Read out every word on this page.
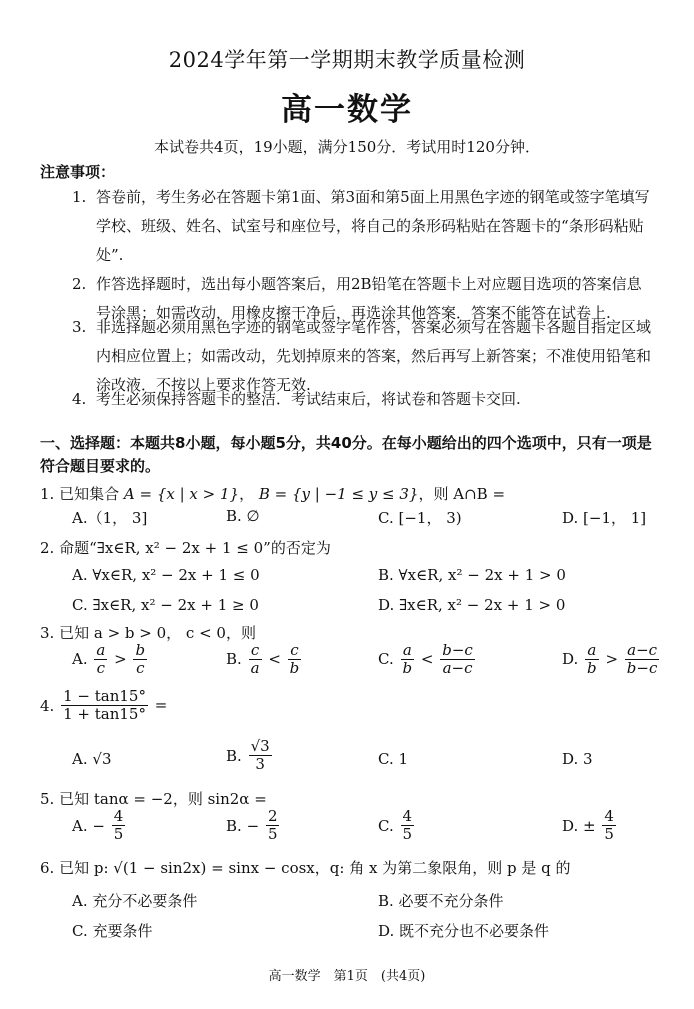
2024学年第一学期期末教学质量检测
高一数学
本试卷共4页，19小题，满分150分．考试用时120分钟．
注意事项：
1. 答卷前，考生务必在答题卡第1面、第3面和第5面上用黑色字迹的钢笔或签字笔填写学校、班级、姓名、试室号和座位号，将自己的条形码粘贴在答题卡的“条形码粘贴处”.
2. 作答选择题时，选出每小题答案后，用2B铅笔在答题卡上对应题目选项的答案信息号涂黑；如需改动，用橡皮擦干净后，再选涂其他答案．答案不能答在试卷上.
3. 非选择题必须用黑色字迹的钢笔或签字笔作答，答案必须写在答题卡各题目指定区域内相应位置上；如需改动，先划掉原来的答案，然后再写上新答案；不准使用铅笔和涂改液．不按以上要求作答无效.
4. 考生必须保持答题卡的整洁．考试结束后，将试卷和答题卡交回.
一、选择题：本题共8小题，每小题5分，共40分。在每小题给出的四个选项中，只有一项是符合题目要求的。
1. 已知集合 A = {x | x > 1}， B = {y | −1 ≤ y ≤ 3}，则 A∩B =
A.（1， 3]	B. ∅	C. [−1， 3)	D. [−1， 1]
2. 命题“∃x∈R, x² − 2x + 1 ≤ 0”的否定为
A. ∀x∈R, x² − 2x + 1 ≤ 0	B. ∀x∈R, x² − 2x + 1 > 0
C. ∃x∈R, x² − 2x + 1 ≥ 0	D. ∃x∈R, x² − 2x + 1 > 0
3. 已知 a > b > 0， c < 0，则
A. $\frac{a}{c} > \frac{b}{c}$	B. $\frac{c}{a} < \frac{c}{b}$	C. $\frac{a}{b} < \frac{b-c}{a-c}$	D. $\frac{a}{b} > \frac{a-c}{b-c}$
4. $\frac{1 - \tan 15^\circ}{1 + \tan 15^\circ}$ =
A. √3	B. $\frac{√3}{3}$	C. 1	D. 3
5. 已知 tanα = −2，则 sin2α =
A. − $\frac{4}{5}$	B. − $\frac{2}{5}$	C. $\frac{4}{5}$	D. ± $\frac{4}{5}$
6. 已知 p: √(1 − sin2x) = sinx − cosx，q: 角 x 为第二象限角，则 p 是 q 的
A. 充分不必要条件	B. 必要不充分条件
C. 充要条件	D. 既不充分也不必要条件
高一数学　第1页　(共4页)
